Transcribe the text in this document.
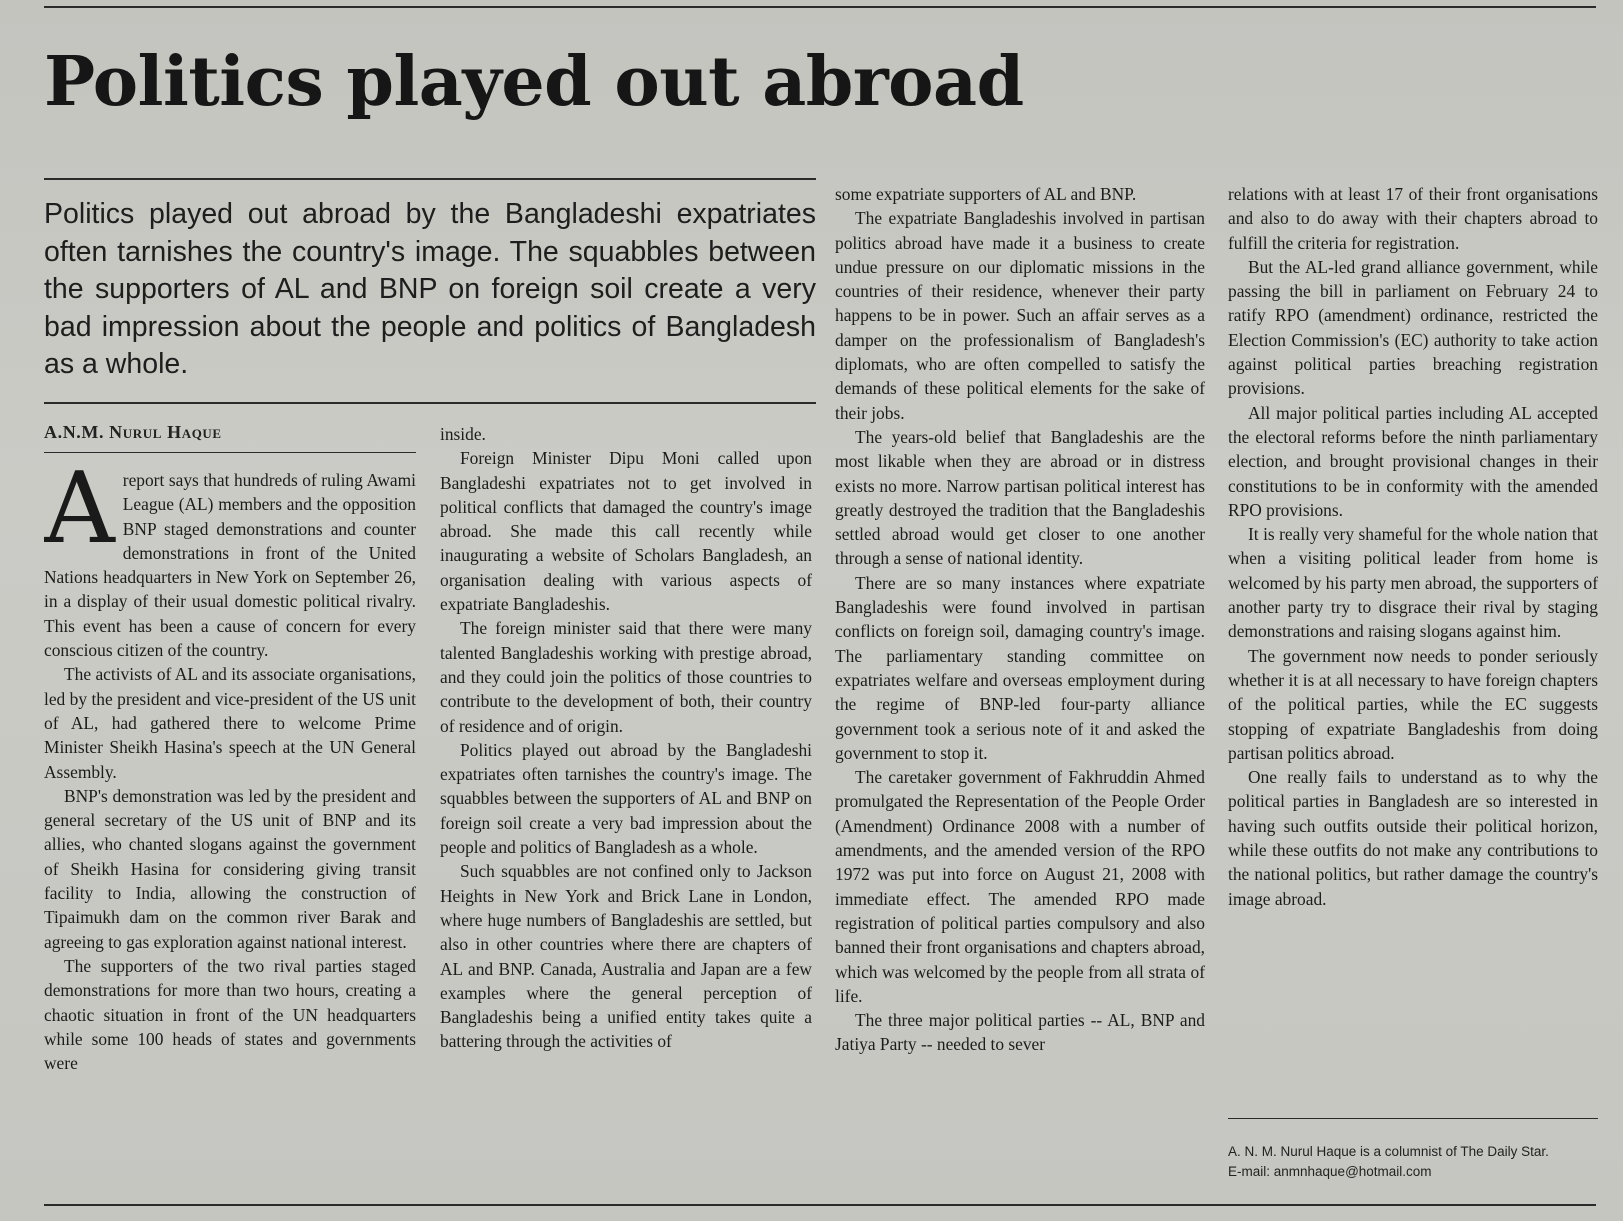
Politics played out abroad

Politics played out abroad by the Bangladeshi expatriates often tarnishes the country's image. The squabbles between the supporters of AL and BNP on foreign soil create a very bad impression about the people and politics of Bangladesh as a whole.

A.N.M. Nurul Haque

Areport says that hundreds of ruling Awami League (AL) members and the opposition BNP staged demonstrations and counter demonstrations in front of the United Nations headquarters in New York on September 26, in a display of their usual domestic political rivalry. This event has been a cause of concern for every conscious citizen of the country.

The activists of AL and its associate organisations, led by the president and vice-president of the US unit of AL, had gathered there to welcome Prime Minister Sheikh Hasina's speech at the UN General Assembly.

BNP's demonstration was led by the president and general secretary of the US unit of BNP and its allies, who chanted slogans against the government of Sheikh Hasina for considering giving transit facility to India, allowing the construction of Tipaimukh dam on the common river Barak and agreeing to gas exploration against national interest.

The supporters of the two rival parties staged demonstrations for more than two hours, creating a chaotic situation in front of the UN headquarters while some 100 heads of states and governments were

inside.

Foreign Minister Dipu Moni called upon Bangladeshi expatriates not to get involved in political conflicts that damaged the country's image abroad. She made this call recently while inaugurating a website of Scholars Bangladesh, an organisation dealing with various aspects of expatriate Bangladeshis.

The foreign minister said that there were many talented Bangladeshis working with prestige abroad, and they could join the politics of those countries to contribute to the development of both, their country of residence and of origin.

Politics played out abroad by the Bangladeshi expatriates often tarnishes the country's image. The squabbles between the supporters of AL and BNP on foreign soil create a very bad impression about the people and politics of Bangladesh as a whole.

Such squabbles are not confined only to Jackson Heights in New York and Brick Lane in London, where huge numbers of Bangladeshis are settled, but also in other countries where there are chapters of AL and BNP. Canada, Australia and Japan are a few examples where the general perception of Bangladeshis being a unified entity takes quite a battering through the activities of

some expatriate supporters of AL and BNP.

The expatriate Bangladeshis involved in partisan politics abroad have made it a business to create undue pressure on our diplomatic missions in the countries of their residence, whenever their party happens to be in power. Such an affair serves as a damper on the professionalism of Bangladesh's diplomats, who are often compelled to satisfy the demands of these political elements for the sake of their jobs.

The years-old belief that Bangladeshis are the most likable when they are abroad or in distress exists no more. Narrow partisan political interest has greatly destroyed the tradition that the Bangladeshis settled abroad would get closer to one another through a sense of national identity.

There are so many instances where expatriate Bangladeshis were found involved in partisan conflicts on foreign soil, damaging country's image. The parliamentary standing committee on expatriates welfare and overseas employment during the regime of BNP-led four-party alliance government took a serious note of it and asked the government to stop it.

The caretaker government of Fakhruddin Ahmed promulgated the Representation of the People Order (Amendment) Ordinance 2008 with a number of amendments, and the amended version of the RPO 1972 was put into force on August 21, 2008 with immediate effect. The amended RPO made registration of political parties compulsory and also banned their front organisations and chapters abroad, which was welcomed by the people from all strata of life.

The three major political parties -- AL, BNP and Jatiya Party -- needed to sever

relations with at least 17 of their front organisations and also to do away with their chapters abroad to fulfill the criteria for registration.

But the AL-led grand alliance government, while passing the bill in parliament on February 24 to ratify RPO (amendment) ordinance, restricted the Election Commission's (EC) authority to take action against political parties breaching registration provisions.

All major political parties including AL accepted the electoral reforms before the ninth parliamentary election, and brought provisional changes in their constitutions to be in conformity with the amended RPO provisions.

It is really very shameful for the whole nation that when a visiting political leader from home is welcomed by his party men abroad, the supporters of another party try to disgrace their rival by staging demonstrations and raising slogans against him.

The government now needs to ponder seriously whether it is at all necessary to have foreign chapters of the political parties, while the EC suggests stopping of expatriate Bangladeshis from doing partisan politics abroad.

One really fails to understand as to why the political parties in Bangladesh are so interested in having such outfits outside their political horizon, while these outfits do not make any contributions to the national politics, but rather damage the country's image abroad.

A. N. M. Nurul Haque is a columnist of The Daily Star.

E-mail: anmnhaque@hotmail.com
